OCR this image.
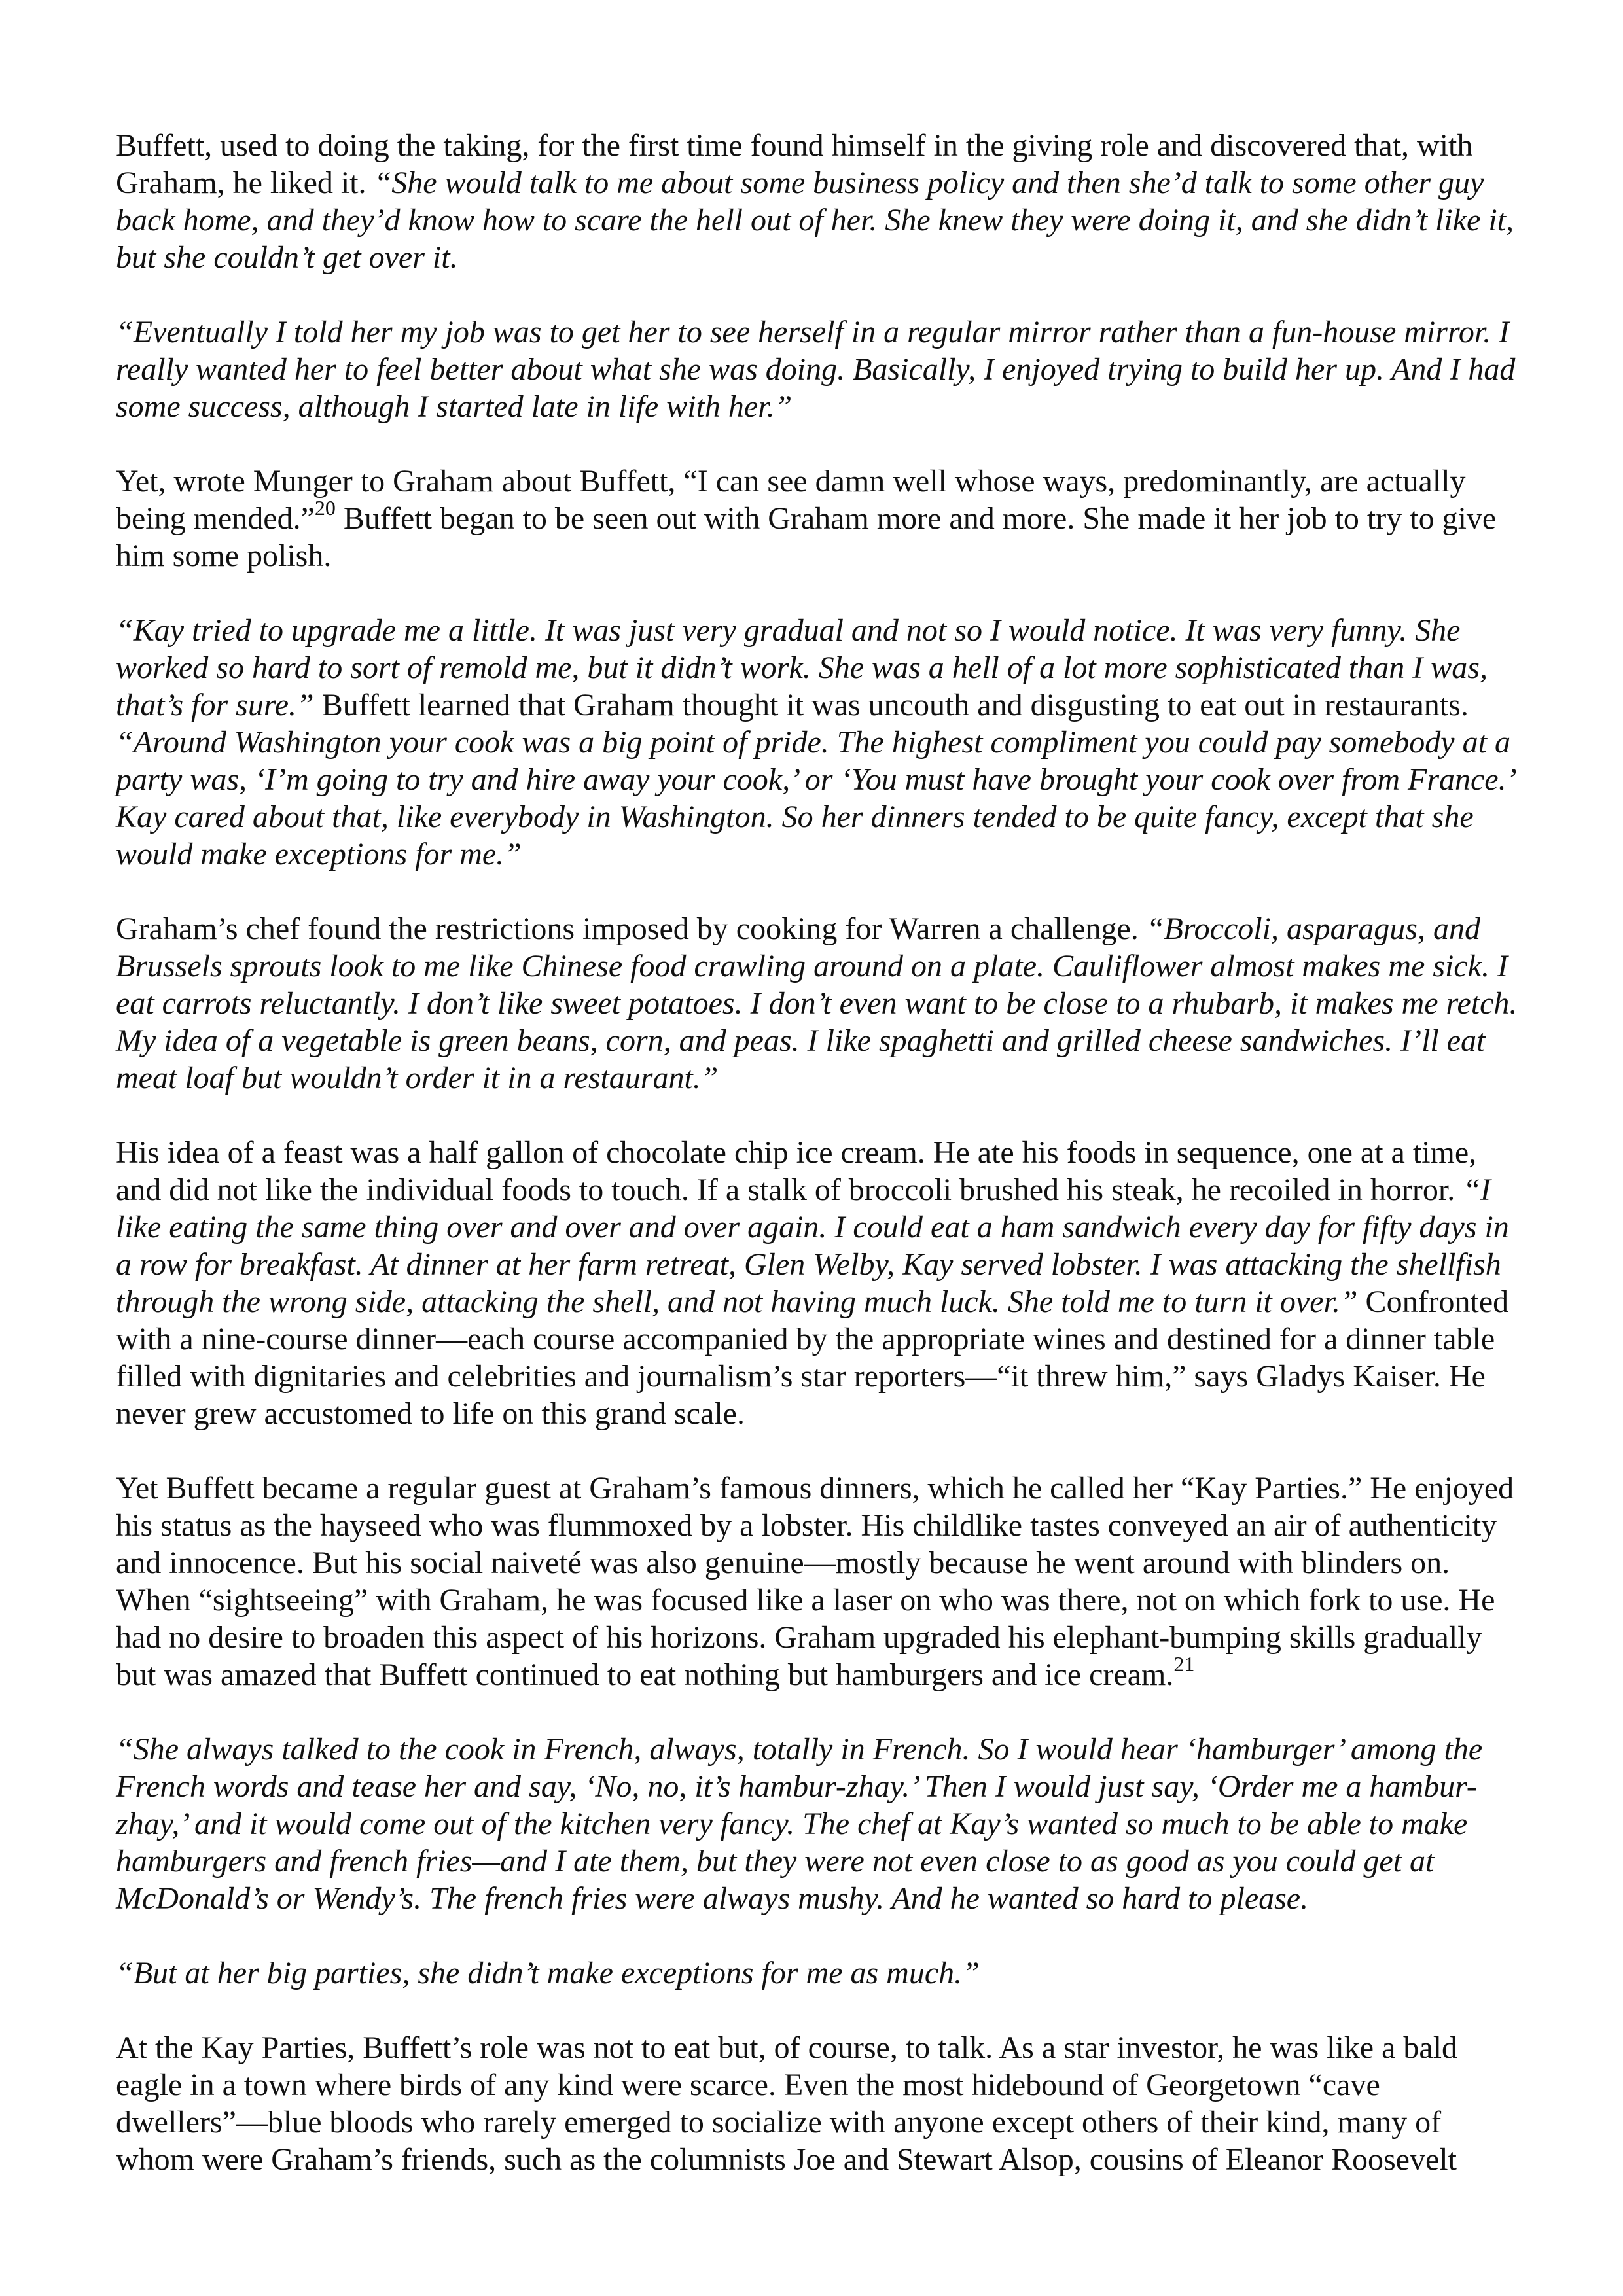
Buffett, used to doing the taking, for the first time found himself in the giving role and discovered that, with Graham, he liked it. “She would talk to me about some business policy and then she’d talk to some other guy back home, and they’d know how to scare the hell out of her. She knew they were doing it, and she didn’t like it, but she couldn’t get over it.

“Eventually I told her my job was to get her to see herself in a regular mirror rather than a fun-house mirror. I really wanted her to feel better about what she was doing. Basically, I enjoyed trying to build her up. And I had some success, although I started late in life with her.”

Yet, wrote Munger to Graham about Buffett, “I can see damn well whose ways, predominantly, are actually being mended.”$^{20}$ Buffett began to be seen out with Graham more and more. She made it her job to try to give him some polish.

“Kay tried to upgrade me a little. It was just very gradual and not so I would notice. It was very funny. She worked so hard to sort of remold me, but it didn’t work. She was a hell of a lot more sophisticated than I was, that’s for sure.” Buffett learned that Graham thought it was uncouth and disgusting to eat out in restaurants. “Around Washington your cook was a big point of pride. The highest compliment you could pay somebody at a party was, ‘I’m going to try and hire away your cook,’ or ‘You must have brought your cook over from France.’ Kay cared about that, like everybody in Washington. So her dinners tended to be quite fancy, except that she would make exceptions for me.”

Graham’s chef found the restrictions imposed by cooking for Warren a challenge. “Broccoli, asparagus, and Brussels sprouts look to me like Chinese food crawling around on a plate. Cauliflower almost makes me sick. I eat carrots reluctantly. I don’t like sweet potatoes. I don’t even want to be close to a rhubarb, it makes me retch. My idea of a vegetable is green beans, corn, and peas. I like spaghetti and grilled cheese sandwiches. I’ll eat meat loaf but wouldn’t order it in a restaurant.”

His idea of a feast was a half gallon of chocolate chip ice cream. He ate his foods in sequence, one at a time, and did not like the individual foods to touch. If a stalk of broccoli brushed his steak, he recoiled in horror. “I like eating the same thing over and over and over again. I could eat a ham sandwich every day for fifty days in a row for breakfast. At dinner at her farm retreat, Glen Welby, Kay served lobster. I was attacking the shellfish through the wrong side, attacking the shell, and not having much luck. She told me to turn it over.” Confronted with a nine-course dinner—each course accompanied by the appropriate wines and destined for a dinner table filled with dignitaries and celebrities and journalism’s star reporters—“it threw him,” says Gladys Kaiser. He never grew accustomed to life on this grand scale.

Yet Buffett became a regular guest at Graham’s famous dinners, which he called her “Kay Parties.” He enjoyed his status as the hayseed who was flummoxed by a lobster. His childlike tastes conveyed an air of authenticity and innocence. But his social naiveté was also genuine—mostly because he went around with blinders on. When “sightseeing” with Graham, he was focused like a laser on who was there, not on which fork to use. He had no desire to broaden this aspect of his horizons. Graham upgraded his elephant-bumping skills gradually but was amazed that Buffett continued to eat nothing but hamburgers and ice cream.$^{21}$

“She always talked to the cook in French, always, totally in French. So I would hear ‘hamburger’ among the French words and tease her and say, ‘No, no, it’s hambur-zhay.’ Then I would just say, ‘Order me a hambur-zhay,’ and it would come out of the kitchen very fancy. The chef at Kay’s wanted so much to be able to make hamburgers and french fries—and I ate them, but they were not even close to as good as you could get at McDonald’s or Wendy’s. The french fries were always mushy. And he wanted so hard to please.

“But at her big parties, she didn’t make exceptions for me as much.”

At the Kay Parties, Buffett’s role was not to eat but, of course, to talk. As a star investor, he was like a bald eagle in a town where birds of any kind were scarce. Even the most hidebound of Georgetown “cave dwellers”—blue bloods who rarely emerged to socialize with anyone except others of their kind, many of whom were Graham’s friends, such as the columnists Joe and Stewart Alsop, cousins of Eleanor Roosevelt
